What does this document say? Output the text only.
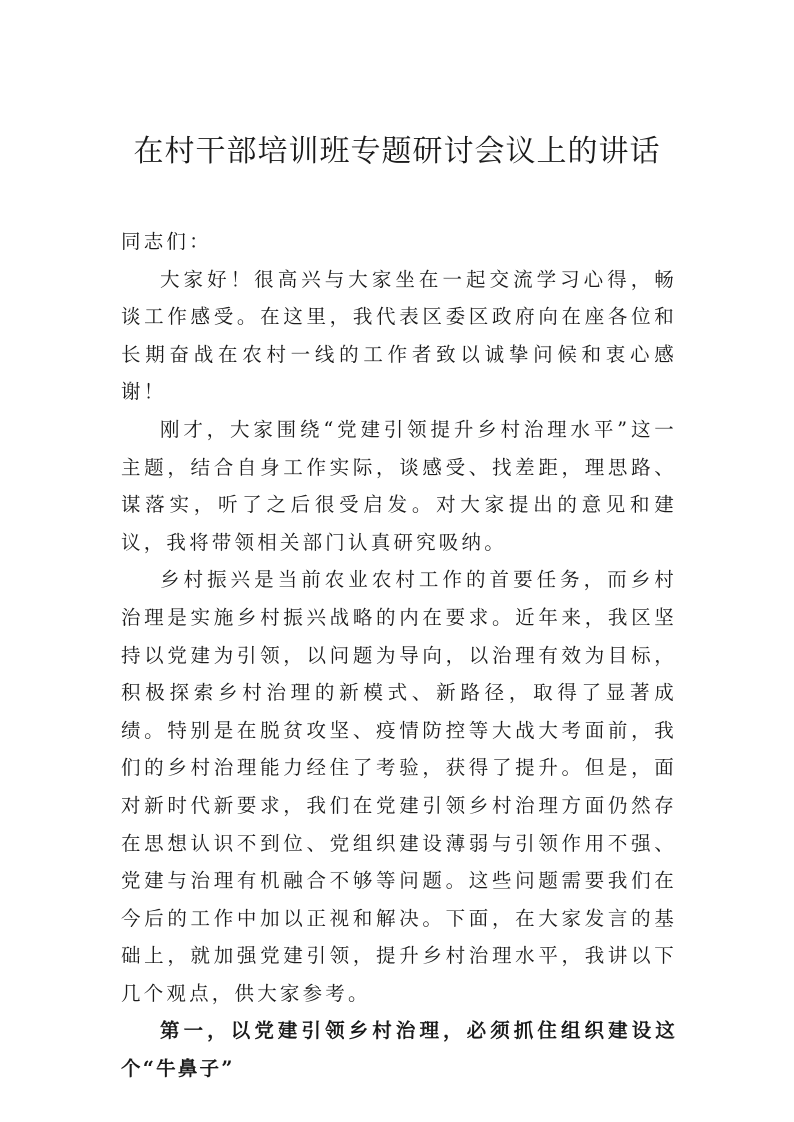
在村干部培训班专题研讨会议上的讲话

同志们：

大家好！很高兴与大家坐在一起交流学习心得，畅谈工作感受。在这里，我代表区委区政府向在座各位和长期奋战在农村一线的工作者致以诚挚问候和衷心感谢！

刚才，大家围绕“党建引领提升乡村治理水平”这一主题，结合自身工作实际，谈感受、找差距，理思路、谋落实，听了之后很受启发。对大家提出的意见和建议，我将带领相关部门认真研究吸纳。

乡村振兴是当前农业农村工作的首要任务，而乡村治理是实施乡村振兴战略的内在要求。近年来，我区坚持以党建为引领，以问题为导向，以治理有效为目标，积极探索乡村治理的新模式、新路径，取得了显著成绩。特别是在脱贫攻坚、疫情防控等大战大考面前，我们的乡村治理能力经住了考验，获得了提升。但是，面对新时代新要求，我们在党建引领乡村治理方面仍然存在思想认识不到位、党组织建设薄弱与引领作用不强、党建与治理有机融合不够等问题。这些问题需要我们在今后的工作中加以正视和解决。下面，在大家发言的基础上，就加强党建引领，提升乡村治理水平，我讲以下几个观点，供大家参考。

第一，以党建引领乡村治理，必须抓住组织建设这个“牛鼻子”
